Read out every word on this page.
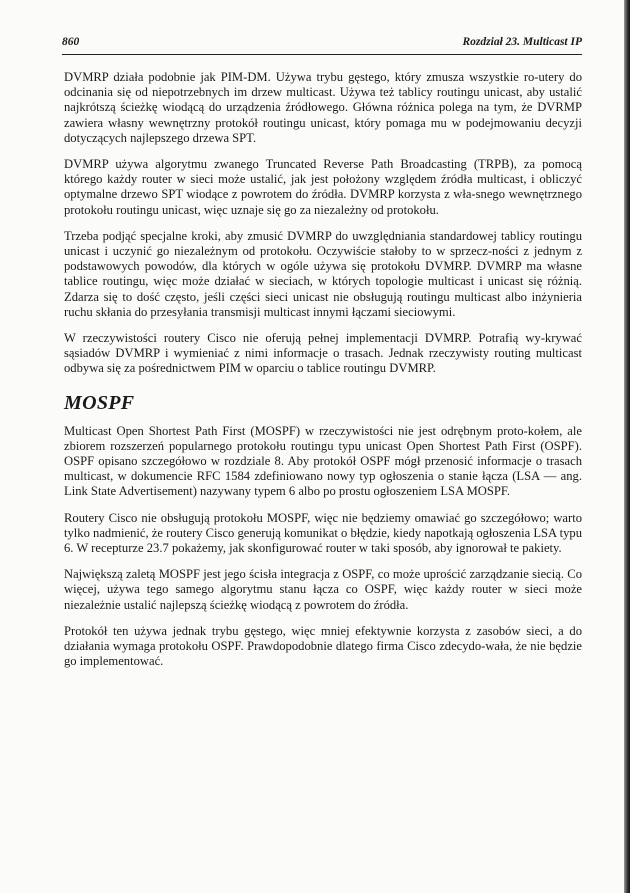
860	Rozdział 23. Multicast IP

DVMRP działa podobnie jak PIM-DM. Używa trybu gęstego, który zmusza wszystkie ro-utery do odcinania się od niepotrzebnych im drzew multicast. Używa też tablicy routingu unicast, aby ustalić najkrótszą ścieżkę wiodącą do urządzenia źródłowego. Główna różnica polega na tym, że DVRMP zawiera własny wewnętrzny protokół routingu unicast, który pomaga mu w podejmowaniu decyzji dotyczących najlepszego drzewa SPT.

DVMRP używa algorytmu zwanego Truncated Reverse Path Broadcasting (TRPB), za pomocą którego każdy router w sieci może ustalić, jak jest położony względem źródła multicast, i obliczyć optymalne drzewo SPT wiodące z powrotem do źródła. DVMRP korzysta z wła-snego wewnętrznego protokołu routingu unicast, więc uznaje się go za niezależny od protokołu.

Trzeba podjąć specjalne kroki, aby zmusić DVMRP do uwzględniania standardowej tablicy routingu unicast i uczynić go niezależnym od protokołu. Oczywiście stałoby to w sprzecz-ności z jednym z podstawowych powodów, dla których w ogóle używa się protokołu DVMRP. DVMRP ma własne tablice routingu, więc może działać w sieciach, w których topologie multicast i unicast się różnią. Zdarza się to dość często, jeśli części sieci unicast nie obsługują routingu multicast albo inżynieria ruchu skłania do przesyłania transmisji multicast innymi łączami sieciowymi.

W rzeczywistości routery Cisco nie oferują pełnej implementacji DVMRP. Potrafią wy-krywać sąsiadów DVMRP i wymieniać z nimi informacje o trasach. Jednak rzeczywisty routing multicast odbywa się za pośrednictwem PIM w oparciu o tablice routingu DVMRP.

MOSPF

Multicast Open Shortest Path First (MOSPF) w rzeczywistości nie jest odrębnym proto-kołem, ale zbiorem rozszerzeń popularnego protokołu routingu typu unicast Open Shortest Path First (OSPF). OSPF opisano szczegółowo w rozdziale 8. Aby protokół OSPF mógł przenosić informacje o trasach multicast, w dokumencie RFC 1584 zdefiniowano nowy typ ogłoszenia o stanie łącza (LSA — ang. Link State Advertisement) nazywany typem 6 albo po prostu ogłoszeniem LSA MOSPF.

Routery Cisco nie obsługują protokołu MOSPF, więc nie będziemy omawiać go szczegółowo; warto tylko nadmienić, że routery Cisco generują komunikat o błędzie, kiedy napotkają ogłoszenia LSA typu 6. W recepturze 23.7 pokażemy, jak skonfigurować router w taki sposób, aby ignorował te pakiety.

Największą zaletą MOSPF jest jego ścisła integracja z OSPF, co może uprościć zarządzanie siecią. Co więcej, używa tego samego algorytmu stanu łącza co OSPF, więc każdy router w sieci może niezależnie ustalić najlepszą ścieżkę wiodącą z powrotem do źródła.

Protokół ten używa jednak trybu gęstego, więc mniej efektywnie korzysta z zasobów sieci, a do działania wymaga protokołu OSPF. Prawdopodobnie dlatego firma Cisco zdecydo-wała, że nie będzie go implementować.
